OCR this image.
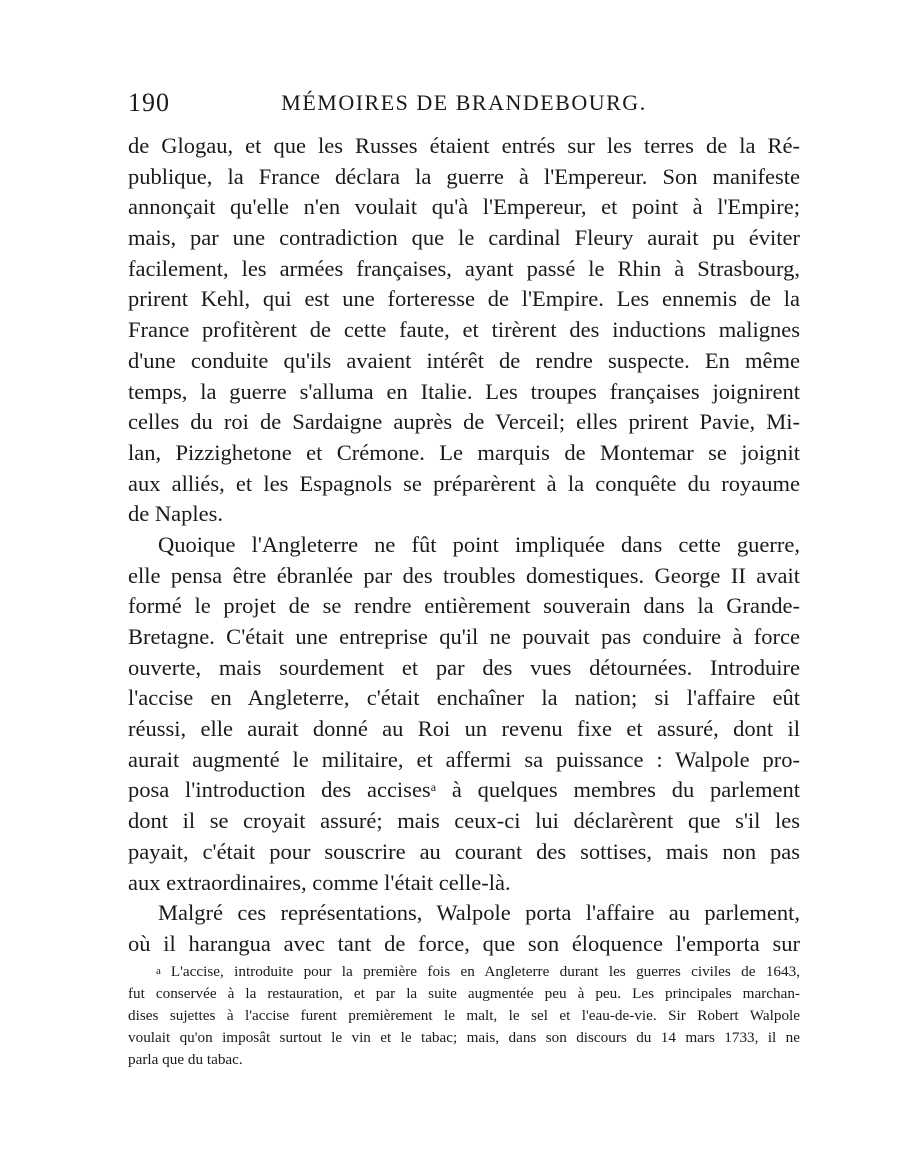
190	MÉMOIRES DE BRANDEBOURG.
de Glogau, et que les Russes étaient entrés sur les terres de la Ré-
publique, la France déclara la guerre à l'Empereur. Son manifeste
annonçait qu'elle n'en voulait qu'à l'Empereur, et point à l'Empire;
mais, par une contradiction que le cardinal Fleury aurait pu éviter
facilement, les armées françaises, ayant passé le Rhin à Strasbourg,
prirent Kehl, qui est une forteresse de l'Empire. Les ennemis de la
France profitèrent de cette faute, et tirèrent des inductions malignes
d'une conduite qu'ils avaient intérêt de rendre suspecte. En même
temps, la guerre s'alluma en Italie. Les troupes françaises joignirent
celles du roi de Sardaigne auprès de Verceil; elles prirent Pavie, Mi-
lan, Pizzighetone et Crémone. Le marquis de Montemar se joignit
aux alliés, et les Espagnols se préparèrent à la conquête du royaume
de Naples.
Quoique l'Angleterre ne fût point impliquée dans cette guerre,
elle pensa être ébranlée par des troubles domestiques. George II avait
formé le projet de se rendre entièrement souverain dans la Grande-
Bretagne. C'était une entreprise qu'il ne pouvait pas conduire à force
ouverte, mais sourdement et par des vues détournées. Introduire
l'accise en Angleterre, c'était enchaîner la nation; si l'affaire eût
réussi, elle aurait donné au Roi un revenu fixe et assuré, dont il
aurait augmenté le militaire, et affermi sa puissance : Walpole pro-
posa l'introduction des accises$^a$ à quelques membres du parlement
dont il se croyait assuré; mais ceux-ci lui déclarèrent que s'il les
payait, c'était pour souscrire au courant des sottises, mais non pas
aux extraordinaires, comme l'était celle-là.
Malgré ces représentations, Walpole porta l'affaire au parlement,
où il harangua avec tant de force, que son éloquence l'emporta sur
a L'accise, introduite pour la première fois en Angleterre durant les guerres civiles de 1643,
fut conservée à la restauration, et par la suite augmentée peu à peu. Les principales marchan-
dises sujettes à l'accise furent premièrement le malt, le sel et l'eau-de-vie. Sir Robert Walpole
voulait qu'on imposât surtout le vin et le tabac; mais, dans son discours du 14 mars 1733, il ne
parla que du tabac.
